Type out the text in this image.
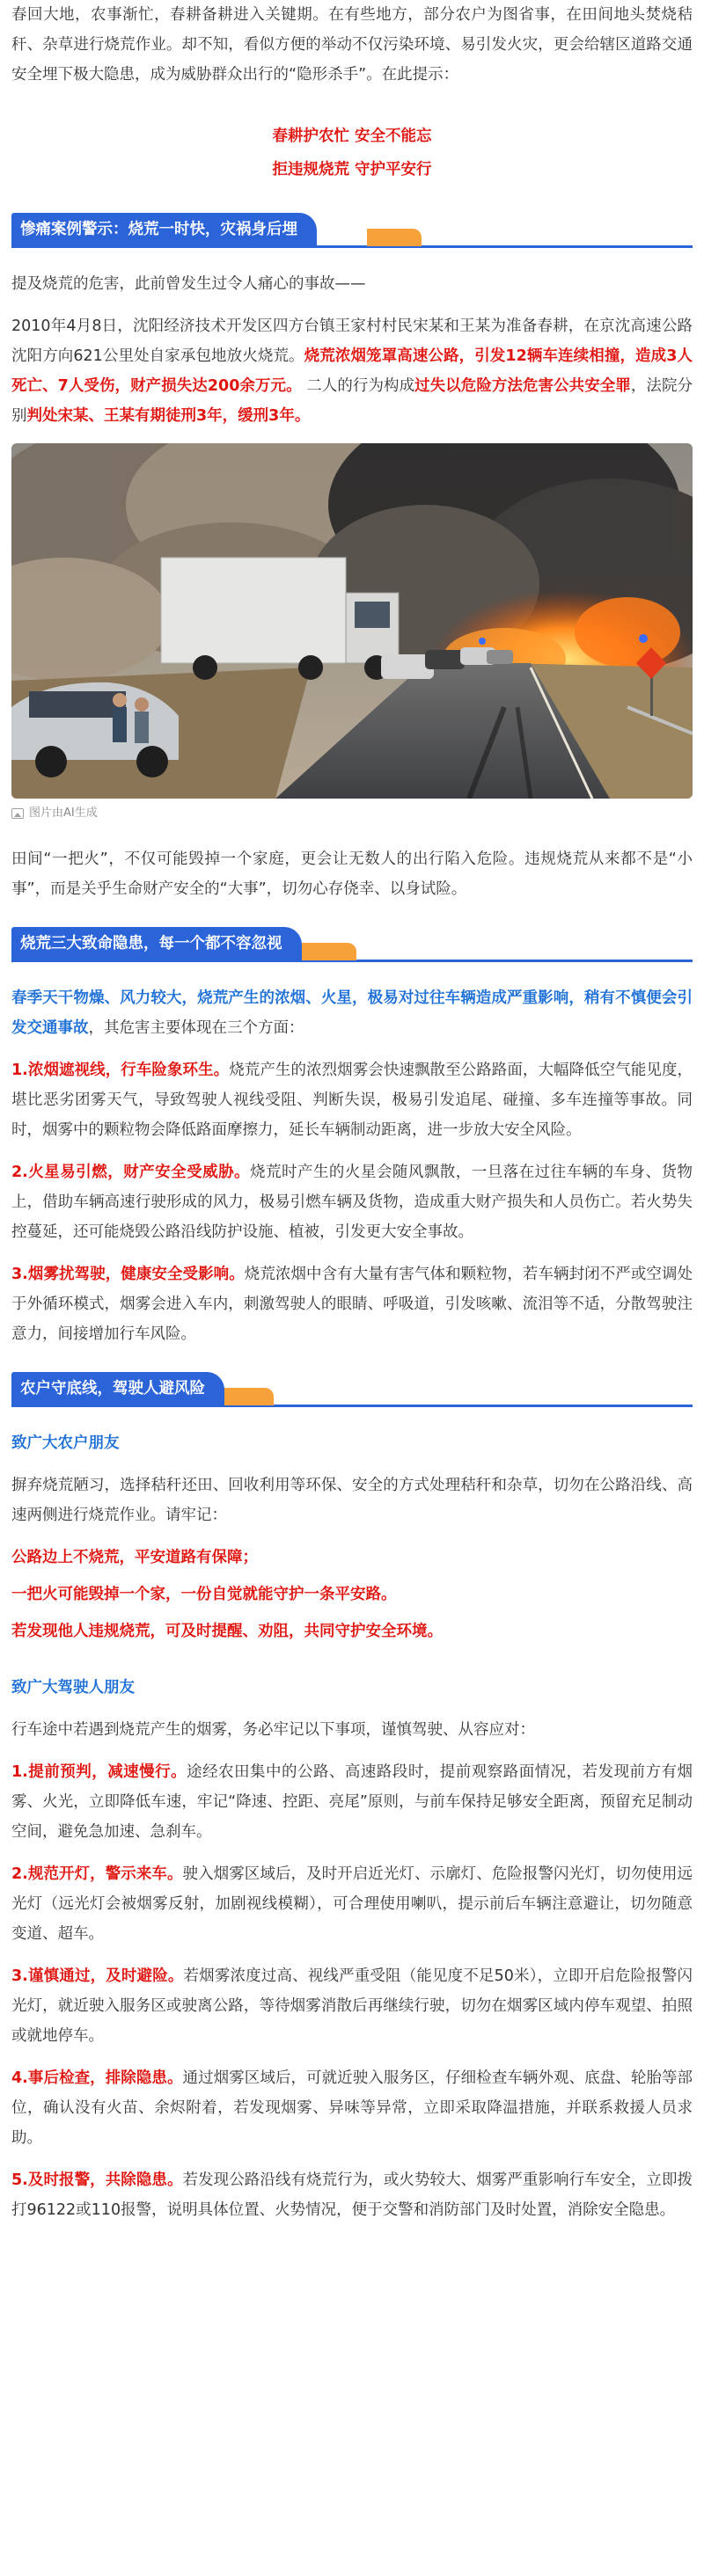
春回大地，农事渐忙，春耕备耕进入关键期。在有些地方，部分农户为图省事，在田间地头焚烧秸秆、杂草进行烧荒作业。却不知，看似方便的举动不仅污染环境、易引发火灾，更会给辖区道路交通安全埋下极大隐患，成为威胁群众出行的“隐形杀手”。在此提示：

春耕护农忙 安全不能忘
拒违规烧荒 守护平安行
惨痛案例警示：烧荒一时快，灾祸身后埋

提及烧荒的危害，此前曾发生过令人痛心的事故——

2010年4月8日，沈阳经济技术开发区四方台镇王家村村民宋某和王某为准备春耕，在京沈高速公路沈阳方向621公里处自家承包地放火烧荒。烧荒浓烟笼罩高速公路，引发12辆车连续相撞，造成3人死亡、7人受伤，财产损失达200余万元。 二人的行为构成过失以危险方法危害公共安全罪，法院分别判处宋某、王某有期徒刑3年，缓刑3年。

图片由AI生成

田间“一把火”，不仅可能毁掉一个家庭，更会让无数人的出行陷入危险。违规烧荒从来都不是“小事”，而是关乎生命财产安全的“大事”，切勿心存侥幸、以身试险。

烧荒三大致命隐患，每一个都不容忽视

春季天干物燥、风力较大，烧荒产生的浓烟、火星，极易对过往车辆造成严重影响，稍有不慎便会引发交通事故，其危害主要体现在三个方面：

1.浓烟遮视线，行车险象环生。烧荒产生的浓烈烟雾会快速飘散至公路路面，大幅降低空气能见度，堪比恶劣团雾天气，导致驾驶人视线受阻、判断失误，极易引发追尾、碰撞、多车连撞等事故。同时，烟雾中的颗粒物会降低路面摩擦力，延长车辆制动距离，进一步放大安全风险。

2.火星易引燃，财产安全受威胁。烧荒时产生的火星会随风飘散，一旦落在过往车辆的车身、货物上，借助车辆高速行驶形成的风力，极易引燃车辆及货物，造成重大财产损失和人员伤亡。若火势失控蔓延，还可能烧毁公路沿线防护设施、植被，引发更大安全事故。

3.烟雾扰驾驶，健康安全受影响。烧荒浓烟中含有大量有害气体和颗粒物，若车辆封闭不严或空调处于外循环模式，烟雾会进入车内，刺激驾驶人的眼睛、呼吸道，引发咳嗽、流泪等不适，分散驾驶注意力，间接增加行车风险。

农户守底线，驾驶人避风险
致广大农户朋友

摒弃烧荒陋习，选择秸秆还田、回收利用等环保、安全的方式处理秸秆和杂草，切勿在公路沿线、高速两侧进行烧荒作业。请牢记：

公路边上不烧荒，平安道路有保障；
一把火可能毁掉一个家，一份自觉就能守护一条平安路。
若发现他人违规烧荒，可及时提醒、劝阻，共同守护安全环境。
致广大驾驶人朋友

行车途中若遇到烧荒产生的烟雾，务必牢记以下事项，谨慎驾驶、从容应对：

1.提前预判，减速慢行。途经农田集中的公路、高速路段时，提前观察路面情况，若发现前方有烟雾、火光，立即降低车速，牢记“降速、控距、亮尾”原则，与前车保持足够安全距离，预留充足制动空间，避免急加速、急刹车。

2.规范开灯，警示来车。驶入烟雾区域后，及时开启近光灯、示廓灯、危险报警闪光灯，切勿使用远光灯（远光灯会被烟雾反射，加剧视线模糊），可合理使用喇叭，提示前后车辆注意避让，切勿随意变道、超车。

3.谨慎通过，及时避险。若烟雾浓度过高、视线严重受阻（能见度不足50米），立即开启危险报警闪光灯，就近驶入服务区或驶离公路，等待烟雾消散后再继续行驶，切勿在烟雾区域内停车观望、拍照或就地停车。

4.事后检查，排除隐患。通过烟雾区域后，可就近驶入服务区，仔细检查车辆外观、底盘、轮胎等部位，确认没有火苗、余烬附着，若发现烟雾、异味等异常，立即采取降温措施，并联系救援人员求助。

5.及时报警，共除隐患。若发现公路沿线有烧荒行为，或火势较大、烟雾严重影响行车安全，立即拨打96122或110报警，说明具体位置、火势情况，便于交警和消防部门及时处置，消除安全隐患。
